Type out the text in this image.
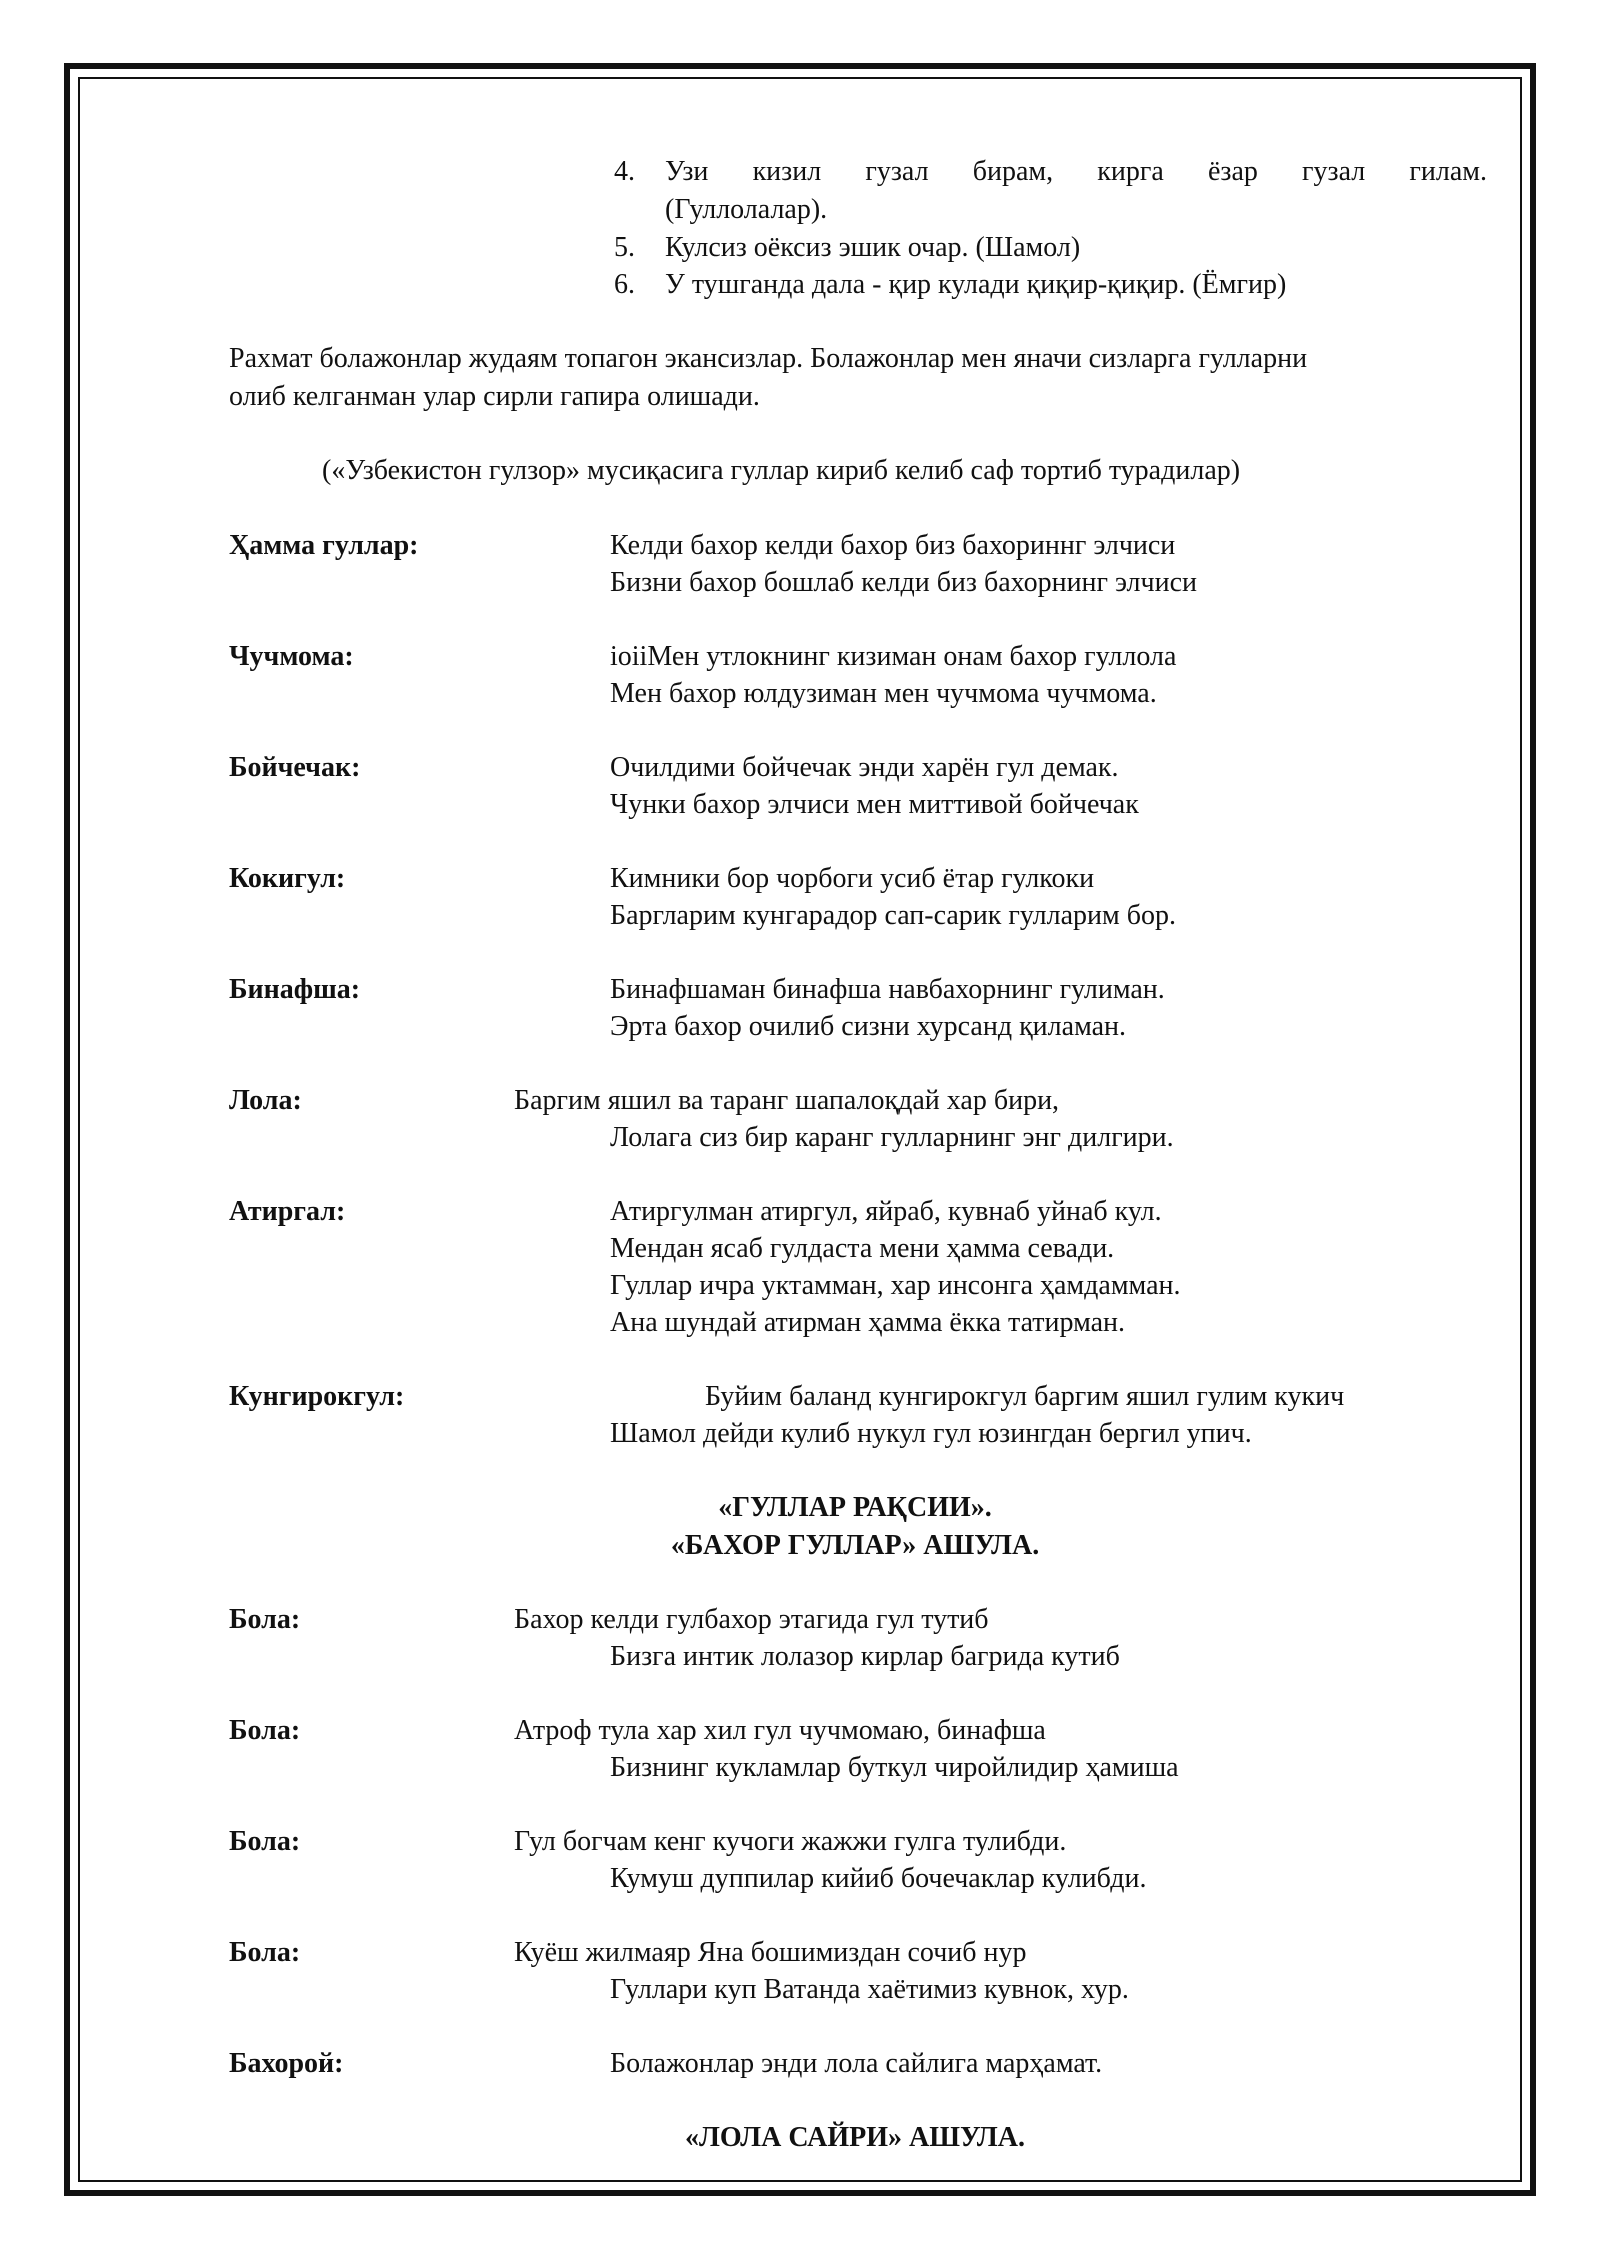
4. Узи кизил гузал бирам, кирга ёзар гузал гилам.
(Гуллолалар).
5. Кулсиз оёксиз эшик очар. (Шамол)
6. У тушганда дала - қир кулади қиқир-қиқир. (Ёмгир)
Рахмат болажонлар жудаям топагон экансизлар. Болажонлар мен яначи сизларга гулларни
олиб келганман улар сирли гапира олишади.
(«Узбекистон гулзор» мусиқасига гуллар кириб келиб саф тортиб турадилар)
Ҳамма гуллар:	Келди бахор келди бахор биз бахориннг элчиси
Бизни бахор бошлаб келди биз бахорнинг элчиси
Чучмома:	ioiiМен утлокнинг кизиман онам бахор гуллола
Мен бахор юлдузиман мен чучмома чучмома.
Бойчечак:	Очилдими бойчечак энди харён гул демак.
Чунки бахор элчиси мен миттивой бойчечак
Кокигул:	Кимники бор чорбоги усиб ётар гулкоки
Баргларим кунгарадор сап-сарик гулларим бор.
Бинафша:	Бинафшаман бинафша навбахорнинг гулиман.
Эрта бахор очилиб сизни хурсанд қиламан.
Лола:	Баргим яшил ва таранг шапалоқдай хар бири,
Лолага сиз бир каранг гулларнинг энг дилгири.
Атиргал:	Атиргулман атиргул, яйраб, кувнаб уйнаб кул.
Мендан ясаб гулдаста мени ҳамма севади.
Гуллар ичра уктамман, хар инсонга ҳамдамман.
Ана шундай атирман ҳамма ёкка татирман.
Кунгирокгул:	Буйим баланд кунгирокгул баргим яшил гулим кукич
Шамол дейди кулиб нукул гул юзингдан бергил упич.
«ГУЛЛАР РАҚСИИ».
«БАХОР ГУЛЛАР» АШУЛА.
Бола:	Бахор келди гулбахор этагида гул тутиб
Бизга интик лолазор кирлар багрида кутиб
Бола:	Атроф тула хар хил гул чучмомаю, бинафша
Бизнинг кукламлар буткул чиройлидир ҳамиша
Бола:	Гул богчам кенг кучоги жажжи гулга тулибди.
Кумуш дуппилар кийиб бочечаклар кулибди.
Бола:	Куёш жилмаяр Яна бошимиздан сочиб нур
Гуллари куп Ватанда хаётимиз кувнок, хур.
Бахорой:	Болажонлар энди лола сайлига марҳамат.
«ЛОЛА САЙРИ» АШУЛА.
